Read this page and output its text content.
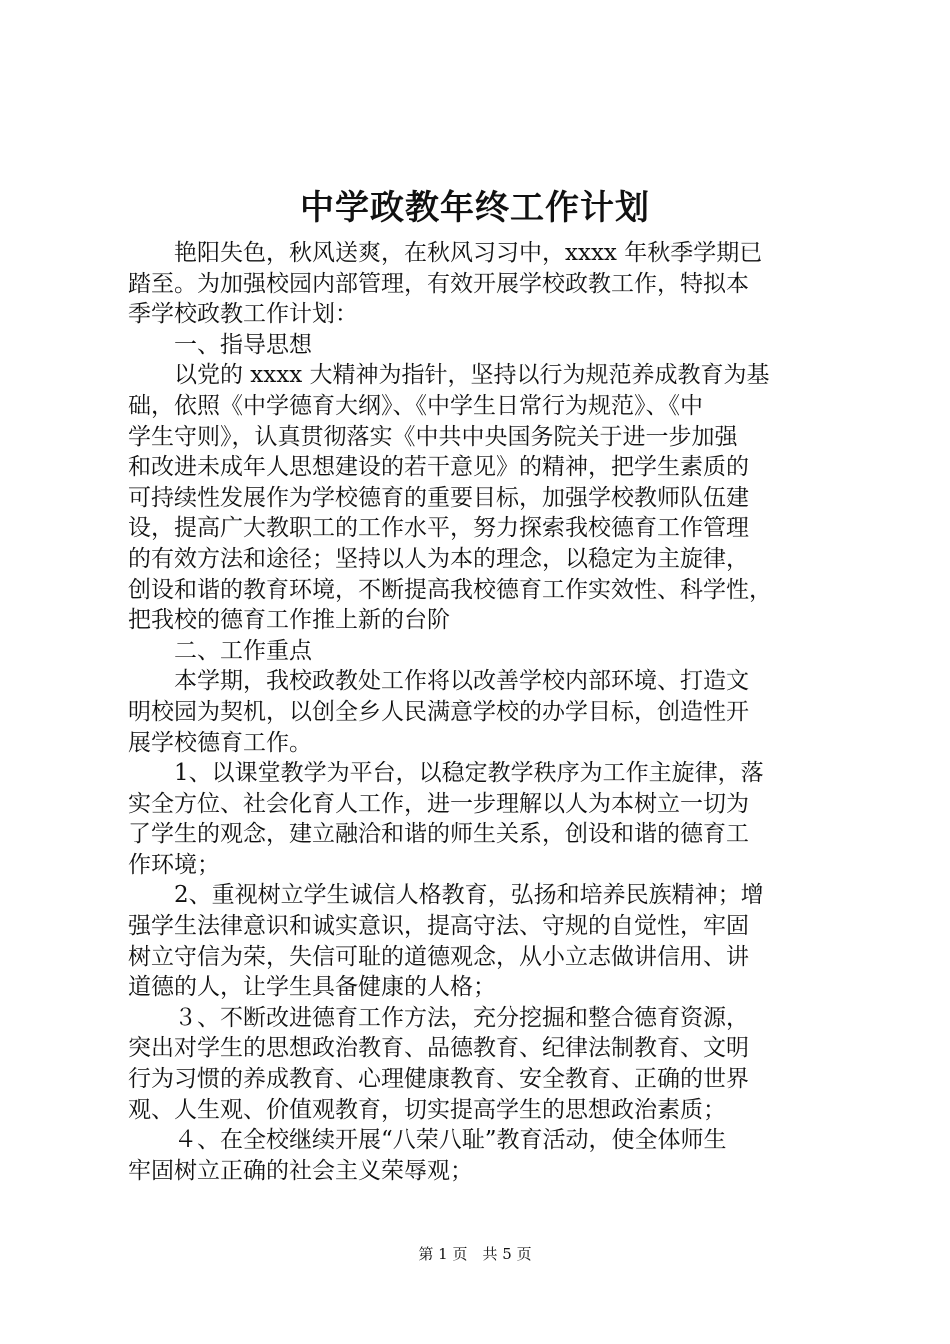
中学政教年终工作计划
　　艳阳失色，秋风送爽，在秋风习习中，xxxx 年秋季学期已
踏至。为加强校园内部管理，有效开展学校政教工作，特拟本
季学校政教工作计划：
　　一、指导思想
　　以党的 xxxx 大精神为指针，坚持以行为规范养成教育为基
础，依照《中学德育大纲》、《中学生日常行为规范》、《中
学生守则》，认真贯彻落实《中共中央国务院关于进一步加强
和改进未成年人思想建设的若干意见》的精神，把学生素质的
可持续性发展作为学校德育的重要目标，加强学校教师队伍建
设，提高广大教职工的工作水平，努力探索我校德育工作管理
的有效方法和途径；坚持以人为本的理念，以稳定为主旋律，
创设和谐的教育环境，不断提高我校德育工作实效性、科学性，
把我校的德育工作推上新的台阶
　　二、工作重点
　　本学期，我校政教处工作将以改善学校内部环境、打造文
明校园为契机，以创全乡人民满意学校的办学目标，创造性开
展学校德育工作。
　　1、以课堂教学为平台，以稳定教学秩序为工作主旋律，落
实全方位、社会化育人工作，进一步理解以人为本树立一切为
了学生的观念，建立融洽和谐的师生关系，创设和谐的德育工
作环境；
　　2、重视树立学生诚信人格教育，弘扬和培养民族精神；增
强学生法律意识和诚实意识，提高守法、守规的自觉性，牢固
树立守信为荣，失信可耻的道德观念，从小立志做讲信用、讲
道德的人，让学生具备健康的人格；
　　３、不断改进德育工作方法，充分挖掘和整合德育资源，
突出对学生的思想政治教育、品德教育、纪律法制教育、文明
行为习惯的养成教育、心理健康教育、安全教育、正确的世界
观、人生观、价值观教育，切实提高学生的思想政治素质；
　　４、在全校继续开展“八荣八耻”教育活动，使全体师生
牢固树立正确的社会主义荣辱观；
第 1 页　共 5 页
